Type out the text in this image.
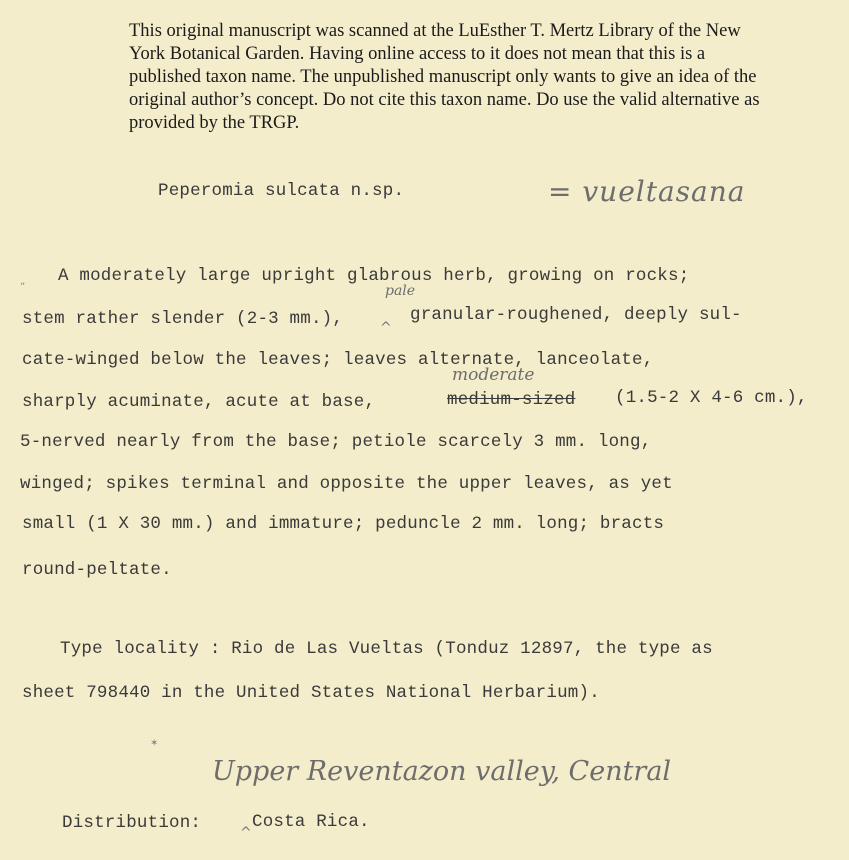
This original manuscript was scanned at the LuEsther T. Mertz Library of the New York Botanical Garden. Having online access to it does not mean that this is a published taxon name. The unpublished manuscript only wants to give an idea of the original author’s concept. Do not cite this taxon name. Do use the valid alternative as provided by the TRGP.
Peperomia sulcata n.sp.	= vueltasana
„ A moderately large upright glabrous herb, growing on rocks;
stem rather slender (2-3 mm.),
pale
^
granular-roughened, deeply sul-
cate-winged below the leaves; leaves alternate, lanceolate,
sharply acuminate, acute at base,
moderate
medium-sized (1.5-2 X 4-6 cm.),
5-nerved nearly from the base; petiole scarcely 3 mm. long,
winged; spikes terminal and opposite the upper leaves, as yet
small (1 X 30 mm.) and immature; peduncle 2 mm. long; bracts
round-peltate.
Type locality : Rio de Las Vueltas (Tonduz 12897, the type as
sheet 798440 in the United States National Herbarium).
✶
Upper Reventazon valley, Central
Distribution:	^
Costa Rica.
